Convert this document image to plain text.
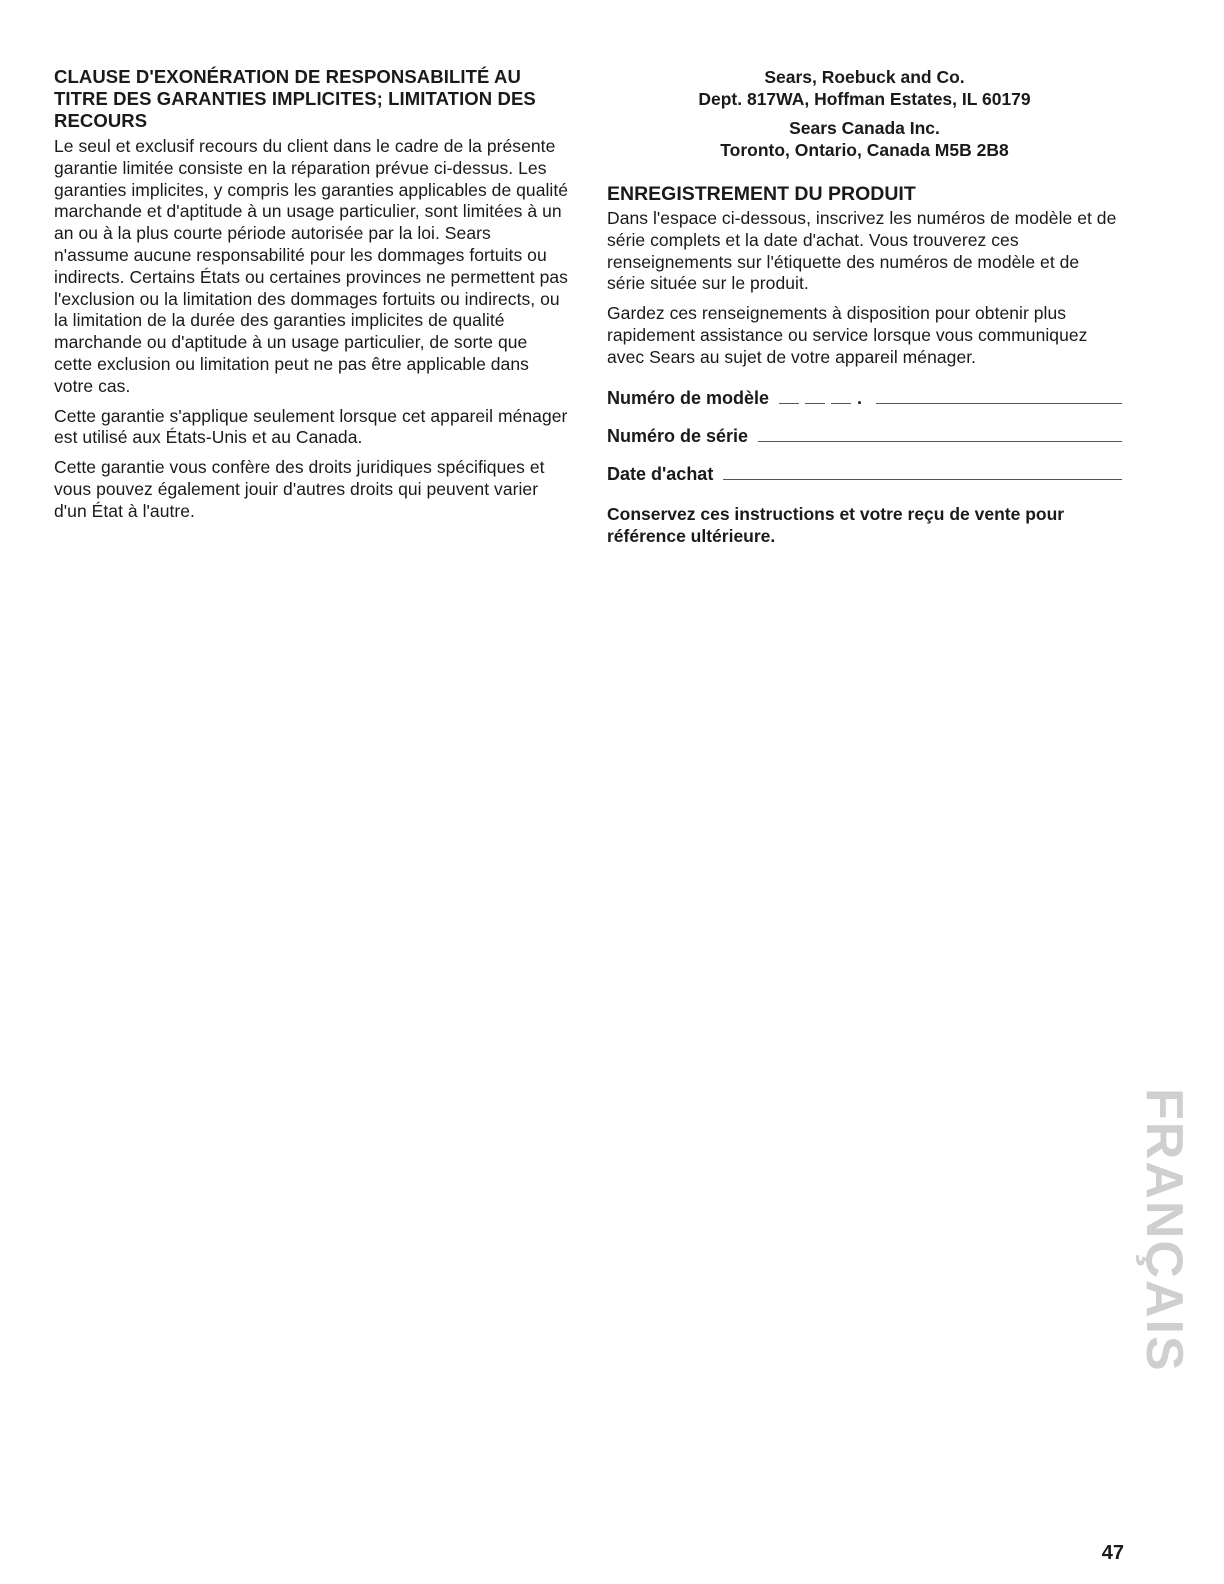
CLAUSE D'EXONÉRATION DE RESPONSABILITÉ AU TITRE DES GARANTIES IMPLICITES; LIMITATION DES RECOURS

Le seul et exclusif recours du client dans le cadre de la présente garantie limitée consiste en la réparation prévue ci-dessus. Les garanties implicites, y compris les garanties applicables de qualité marchande et d'aptitude à un usage particulier, sont limitées à un an ou à la plus courte période autorisée par la loi. Sears n'assume aucune responsabilité pour les dommages fortuits ou indirects. Certains États ou certaines provinces ne permettent pas l'exclusion ou la limitation des dommages fortuits ou indirects, ou la limitation de la durée des garanties implicites de qualité marchande ou d'aptitude à un usage particulier, de sorte que cette exclusion ou limitation peut ne pas être applicable dans votre cas.

Cette garantie s'applique seulement lorsque cet appareil ménager est utilisé aux États-Unis et au Canada.

Cette garantie vous confère des droits juridiques spécifiques et vous pouvez également jouir d'autres droits qui peuvent varier d'un État à l'autre.

Sears, Roebuck and Co.
Dept. 817WA, Hoffman Estates, IL 60179
Sears Canada Inc.
Toronto, Ontario, Canada M5B 2B8
ENREGISTREMENT DU PRODUIT

Dans l'espace ci-dessous, inscrivez les numéros de modèle et de série complets et la date d'achat. Vous trouverez ces renseignements sur l'étiquette des numéros de modèle et de série située sur le produit.

Gardez ces renseignements à disposition pour obtenir plus rapidement assistance ou service lorsque vous communiquez avec Sears au sujet de votre appareil ménager.

Numéro de modèle	.
Numéro de série
Date d'achat
Conservez ces instructions et votre reçu de vente pour référence ultérieure.
FRANÇAIS
47
